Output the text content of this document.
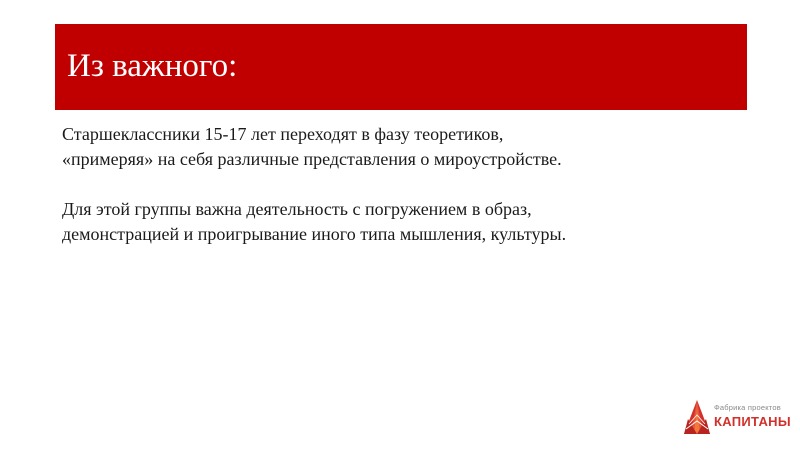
Из важного:

Старшеклассники 15-17 лет переходят в фазу теоретиков,
«примеряя» на себя различные представления о мироустройстве.

Для этой группы важна деятельность с погружением в образ,
демонстрацией и проигрывание иного типа мышления, культуры.

Фабрика проектов
КАПИТАНЫ
